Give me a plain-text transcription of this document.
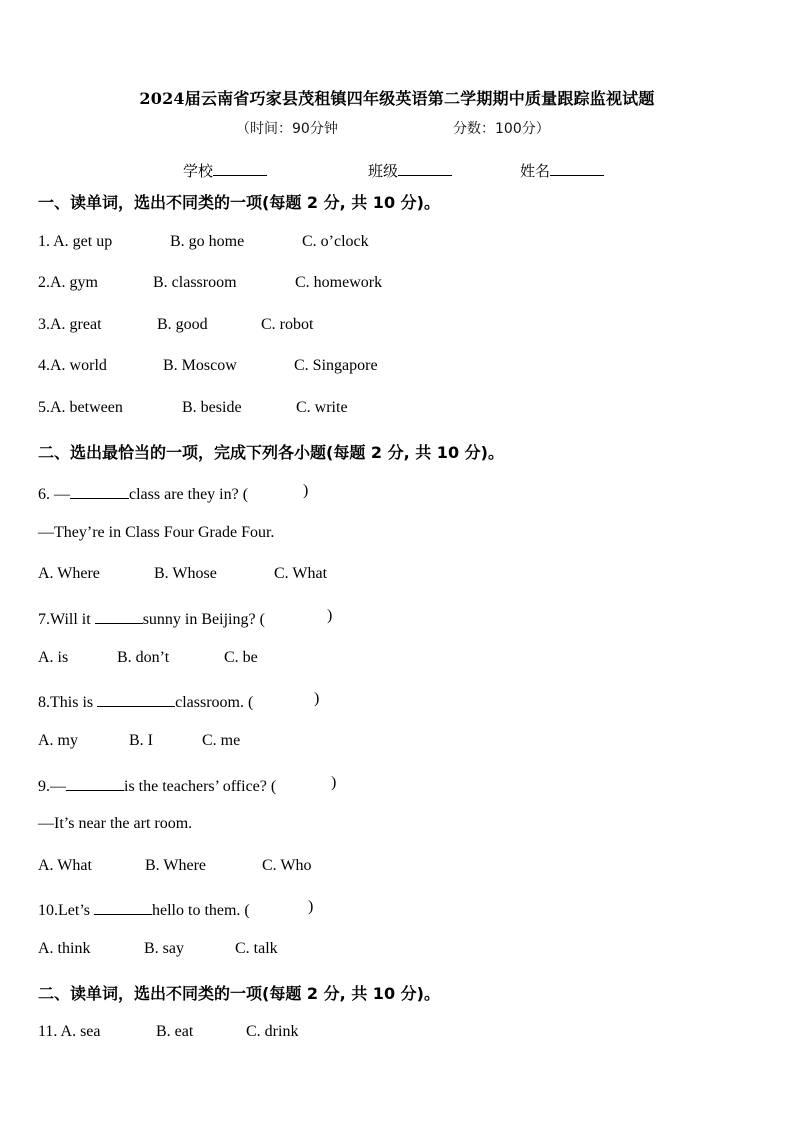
2024届云南省巧家县茂租镇四年级英语第二学期期中质量跟踪监视试题
（时间：90分钟	分数：100分）
学校	班级	姓名
一、读单词，选出不同类的一项(每题 2 分, 共 10 分)。
1. A. get up	B. go home	C. o’clock
2.A. gym	B. classroom	C. homework
3.A. great	B. good	C. robot
4.A. world	B. Moscow	C. Singapore
5.A. between	B. beside	C. write
二、选出最恰当的一项，完成下列各小题(每题 2 分, 共 10 分)。
6. —	class are they in? (	)
—They’re in Class Four Grade Four.
A. Where	B. Whose	C. What
7.Will it	sunny in Beijing? (	)
A. is	B. don’t	C. be
8.This is	classroom. (	)
A. my	B. I	C. me
9.—	is the teachers’ office? (	)
—It’s near the art room.
A. What	B. Where	C. Who
10.Let’s	hello to them. (	)
A. think	B. say	C. talk
二、读单词，选出不同类的一项(每题 2 分, 共 10 分)。
11. A. sea	B. eat	C. drink
